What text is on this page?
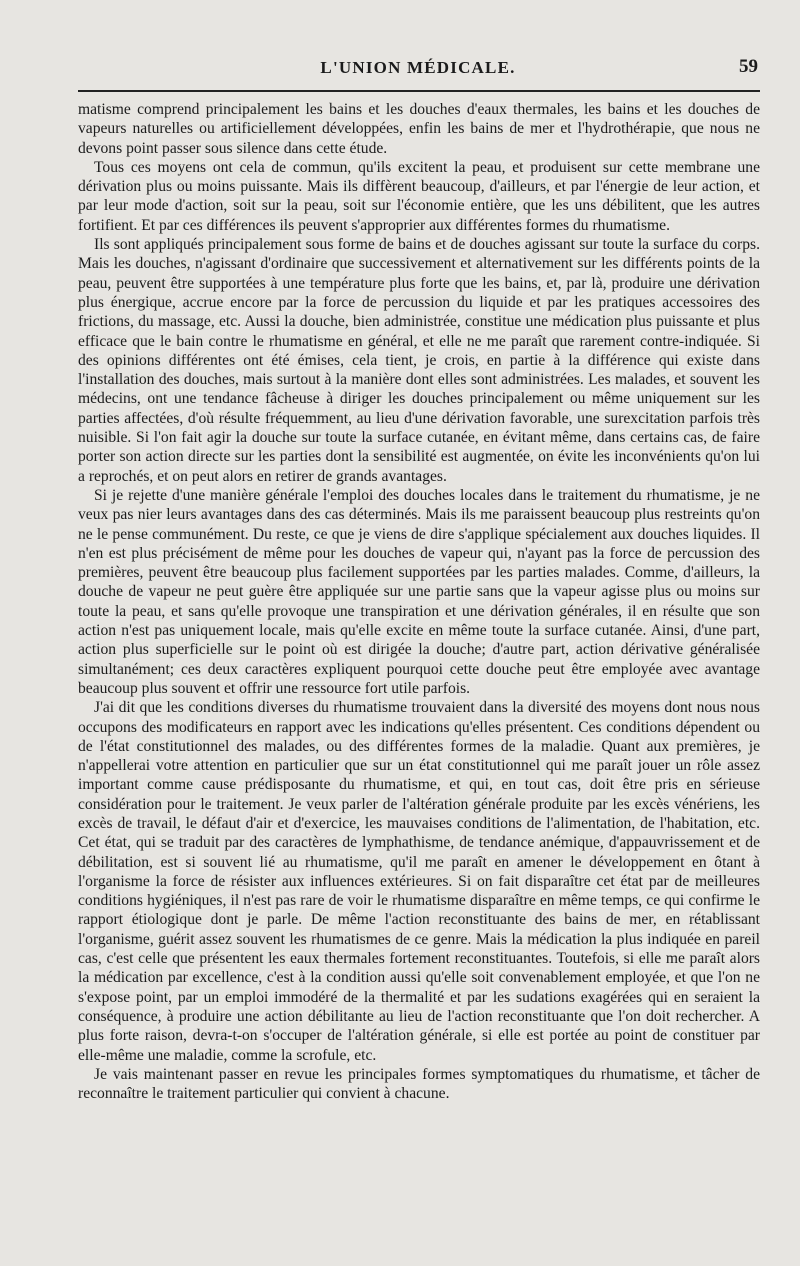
L'UNION MÉDICALE.	59

matisme comprend principalement les bains et les douches d'eaux thermales, les bains et les douches de vapeurs naturelles ou artificiellement développées, enfin les bains de mer et l'hydrothérapie, que nous ne devons point passer sous silence dans cette étude.

Tous ces moyens ont cela de commun, qu'ils excitent la peau, et produisent sur cette membrane une dérivation plus ou moins puissante. Mais ils diffèrent beaucoup, d'ailleurs, et par l'énergie de leur action, et par leur mode d'action, soit sur la peau, soit sur l'économie entière, que les uns débilitent, que les autres fortifient. Et par ces différences ils peuvent s'approprier aux différentes formes du rhumatisme.

Ils sont appliqués principalement sous forme de bains et de douches agissant sur toute la surface du corps. Mais les douches, n'agissant d'ordinaire que successivement et alternativement sur les différents points de la peau, peuvent être supportées à une température plus forte que les bains, et, par là, produire une dérivation plus énergique, accrue encore par la force de percussion du liquide et par les pratiques accessoires des frictions, du massage, etc. Aussi la douche, bien administrée, constitue une médication plus puissante et plus efficace que le bain contre le rhumatisme en général, et elle ne me paraît que rarement contre-indiquée. Si des opinions différentes ont été émises, cela tient, je crois, en partie à la différence qui existe dans l'installation des douches, mais surtout à la manière dont elles sont administrées. Les malades, et souvent les médecins, ont une tendance fâcheuse à diriger les douches principalement ou même uniquement sur les parties affectées, d'où résulte fréquemment, au lieu d'une dérivation favorable, une surexcitation parfois très nuisible. Si l'on fait agir la douche sur toute la surface cutanée, en évitant même, dans certains cas, de faire porter son action directe sur les parties dont la sensibilité est augmentée, on évite les inconvénients qu'on lui a reprochés, et on peut alors en retirer de grands avantages.

Si je rejette d'une manière générale l'emploi des douches locales dans le traitement du rhumatisme, je ne veux pas nier leurs avantages dans des cas déterminés. Mais ils me paraissent beaucoup plus restreints qu'on ne le pense communément. Du reste, ce que je viens de dire s'applique spécialement aux douches liquides. Il n'en est plus précisément de même pour les douches de vapeur qui, n'ayant pas la force de percussion des premières, peuvent être beaucoup plus facilement supportées par les parties malades. Comme, d'ailleurs, la douche de vapeur ne peut guère être appliquée sur une partie sans que la vapeur agisse plus ou moins sur toute la peau, et sans qu'elle provoque une transpiration et une dérivation générales, il en résulte que son action n'est pas uniquement locale, mais qu'elle excite en même toute la surface cutanée. Ainsi, d'une part, action plus superficielle sur le point où est dirigée la douche; d'autre part, action dérivative généralisée simultanément; ces deux caractères expliquent pourquoi cette douche peut être employée avec avantage beaucoup plus souvent et offrir une ressource fort utile parfois.

J'ai dit que les conditions diverses du rhumatisme trouvaient dans la diversité des moyens dont nous nous occupons des modificateurs en rapport avec les indications qu'elles présentent. Ces conditions dépendent ou de l'état constitutionnel des malades, ou des différentes formes de la maladie. Quant aux premières, je n'appellerai votre attention en particulier que sur un état constitutionnel qui me paraît jouer un rôle assez important comme cause prédisposante du rhumatisme, et qui, en tout cas, doit être pris en sérieuse considération pour le traitement. Je veux parler de l'altération générale produite par les excès vénériens, les excès de travail, le défaut d'air et d'exercice, les mauvaises conditions de l'alimentation, de l'habitation, etc. Cet état, qui se traduit par des caractères de lymphathisme, de tendance anémique, d'appauvrissement et de débilitation, est si souvent lié au rhumatisme, qu'il me paraît en amener le développement en ôtant à l'organisme la force de résister aux influences extérieures. Si on fait disparaître cet état par de meilleures conditions hygiéniques, il n'est pas rare de voir le rhumatisme disparaître en même temps, ce qui confirme le rapport étiologique dont je parle. De même l'action reconstituante des bains de mer, en rétablissant l'organisme, guérit assez souvent les rhumatismes de ce genre. Mais la médication la plus indiquée en pareil cas, c'est celle que présentent les eaux thermales fortement reconstituantes. Toutefois, si elle me paraît alors la médication par excellence, c'est à la condition aussi qu'elle soit convenablement employée, et que l'on ne s'expose point, par un emploi immodéré de la thermalité et par les sudations exagérées qui en seraient la conséquence, à produire une action débilitante au lieu de l'action reconstituante que l'on doit rechercher. A plus forte raison, devra-t-on s'occuper de l'altération générale, si elle est portée au point de constituer par elle-même une maladie, comme la scrofule, etc.

Je vais maintenant passer en revue les principales formes symptomatiques du rhumatisme, et tâcher de reconnaître le traitement particulier qui convient à chacune.
